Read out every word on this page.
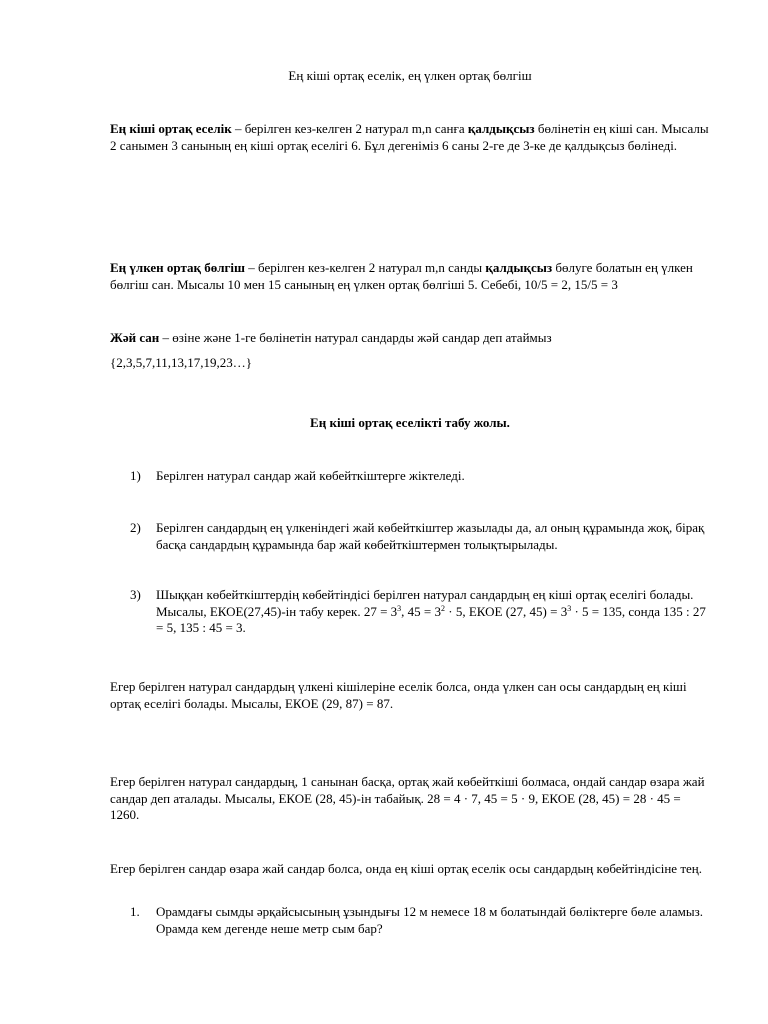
Ең кіші ортақ еселік, ең үлкен ортақ бөлгіш

Ең кіші ортақ еселік – берілген кез-келген 2 натурал m,n санға қалдықсыз бөлінетін ең кіші сан. Мысалы 2 санымен 3 санының ең кіші ортақ еселігі 6. Бұл дегеніміз 6 саны 2-ге де 3-ке де қалдықсыз бөлінеді.

Ең үлкен ортақ бөлгіш – берілген кез-келген 2 натурал m,n санды қалдықсыз бөлуге болатын ең үлкен бөлгіш сан. Мысалы 10 мен 15 санының ең үлкен ортақ бөлгіші 5. Себебі, 10/5 = 2, 15/5 = 3

Жәй сан – өзіне және 1-ге бөлінетін натурал сандарды жәй сандар деп атаймыз

{2,3,5,7,11,13,17,19,23…}

Ең кіші ортақ еселікті табу жолы.

1) Берілген натурал сандар жай көбейткіштерге жіктеледі.
2) Берілген сандардың ең үлкеніндегі жай көбейткіштер жазылады да, ал оның құрамында жоқ, бірақ басқа сандардың құрамында бар жай көбейткіштермен толықтырылады.
3) Шыққан көбейткіштердің көбейтіндісі берілген натурал сандардың ең кіші ортақ еселігі болады. Мысалы, ЕКОЕ(27,45)-ін табу керек. $27 = 3^3$, $45 = 3^2 \cdot 5$, ЕКОЕ (27, $45) = 3^3 \cdot 5 = 135$, сонда 135 : 27 = 5, 135 : 45 = 3.

Егер берілген натурал сандардың үлкені кішілеріне еселік болса, онда үлкен сан осы сандардың ең кіші ортақ еселігі болады. Мысалы, ЕКОЕ (29, 87) = 87.

Егер берілген натурал сандардың, 1 санынан басқа, ортақ жай көбейткіші болмаса, ондай сандар өзара жай сандар деп аталады. Мысалы, ЕКОЕ (28, 45)-ін табайық. 28 = 4 · 7, 45 = 5 · 9, ЕКОЕ (28, 45) = 28 · 45 = 1260.

Егер берілген сандар өзара жай сандар болса, онда ең кіші ортақ еселік осы сандардың көбейтіндісіне тең.

1. Орамдағы сымды әрқайсысының ұзындығы 12 м немесе 18 м болатындай бөліктерге бөле аламыз. Орамда кем дегенде неше метр сым бар?
